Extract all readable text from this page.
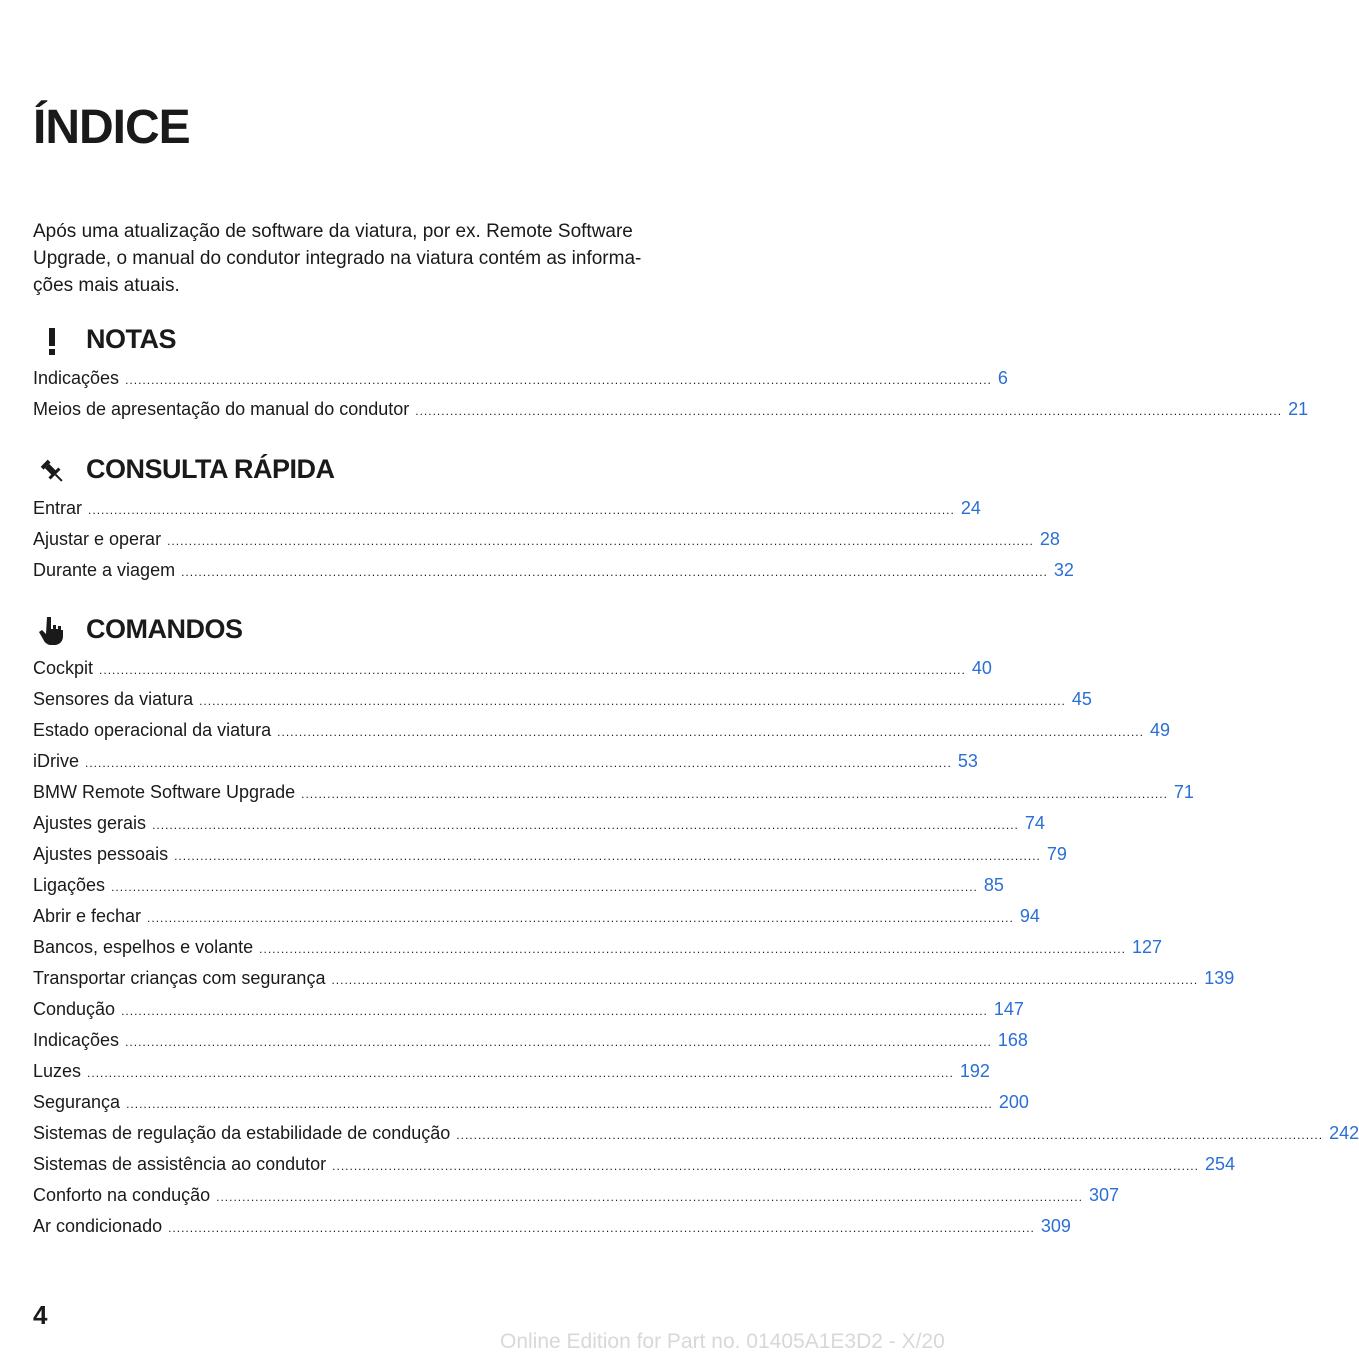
ÍNDICE
Após uma atualização de software da viatura, por ex. Remote Software Upgrade, o manual do condutor integrado na viatura contém as informa‐ ções mais atuais.
NOTAS
Indicações ........................................................................................................................................................................................................ 6
Meios de apresentação do manual do condutor ........................................................................................................................................................................................................ 21
CONSULTA RÁPIDA
Entrar ........................................................................................................................................................................................................ 24
Ajustar e operar ........................................................................................................................................................................................................ 28
Durante a viagem ........................................................................................................................................................................................................ 32
COMANDOS
Cockpit ........................................................................................................................................................................................................ 40
Sensores da viatura ........................................................................................................................................................................................................ 45
Estado operacional da viatura ........................................................................................................................................................................................................ 49
iDrive ........................................................................................................................................................................................................ 53
BMW Remote Software Upgrade ........................................................................................................................................................................................................ 71
Ajustes gerais ........................................................................................................................................................................................................ 74
Ajustes pessoais ........................................................................................................................................................................................................ 79
Ligações ........................................................................................................................................................................................................ 85
Abrir e fechar ........................................................................................................................................................................................................ 94
Bancos, espelhos e volante ........................................................................................................................................................................................................ 127
Transportar crianças com segurança ........................................................................................................................................................................................................ 139
Condução ........................................................................................................................................................................................................ 147
Indicações ........................................................................................................................................................................................................ 168
Luzes ........................................................................................................................................................................................................ 192
Segurança ........................................................................................................................................................................................................ 200
Sistemas de regulação da estabilidade de condução ........................................................................................................................................................................................................ 242
Sistemas de assistência ao condutor ........................................................................................................................................................................................................ 254
Conforto na condução ........................................................................................................................................................................................................ 307
Ar condicionado ........................................................................................................................................................................................................ 309
4
Online Edition for Part no. 01405A1E3D2 - X/20
